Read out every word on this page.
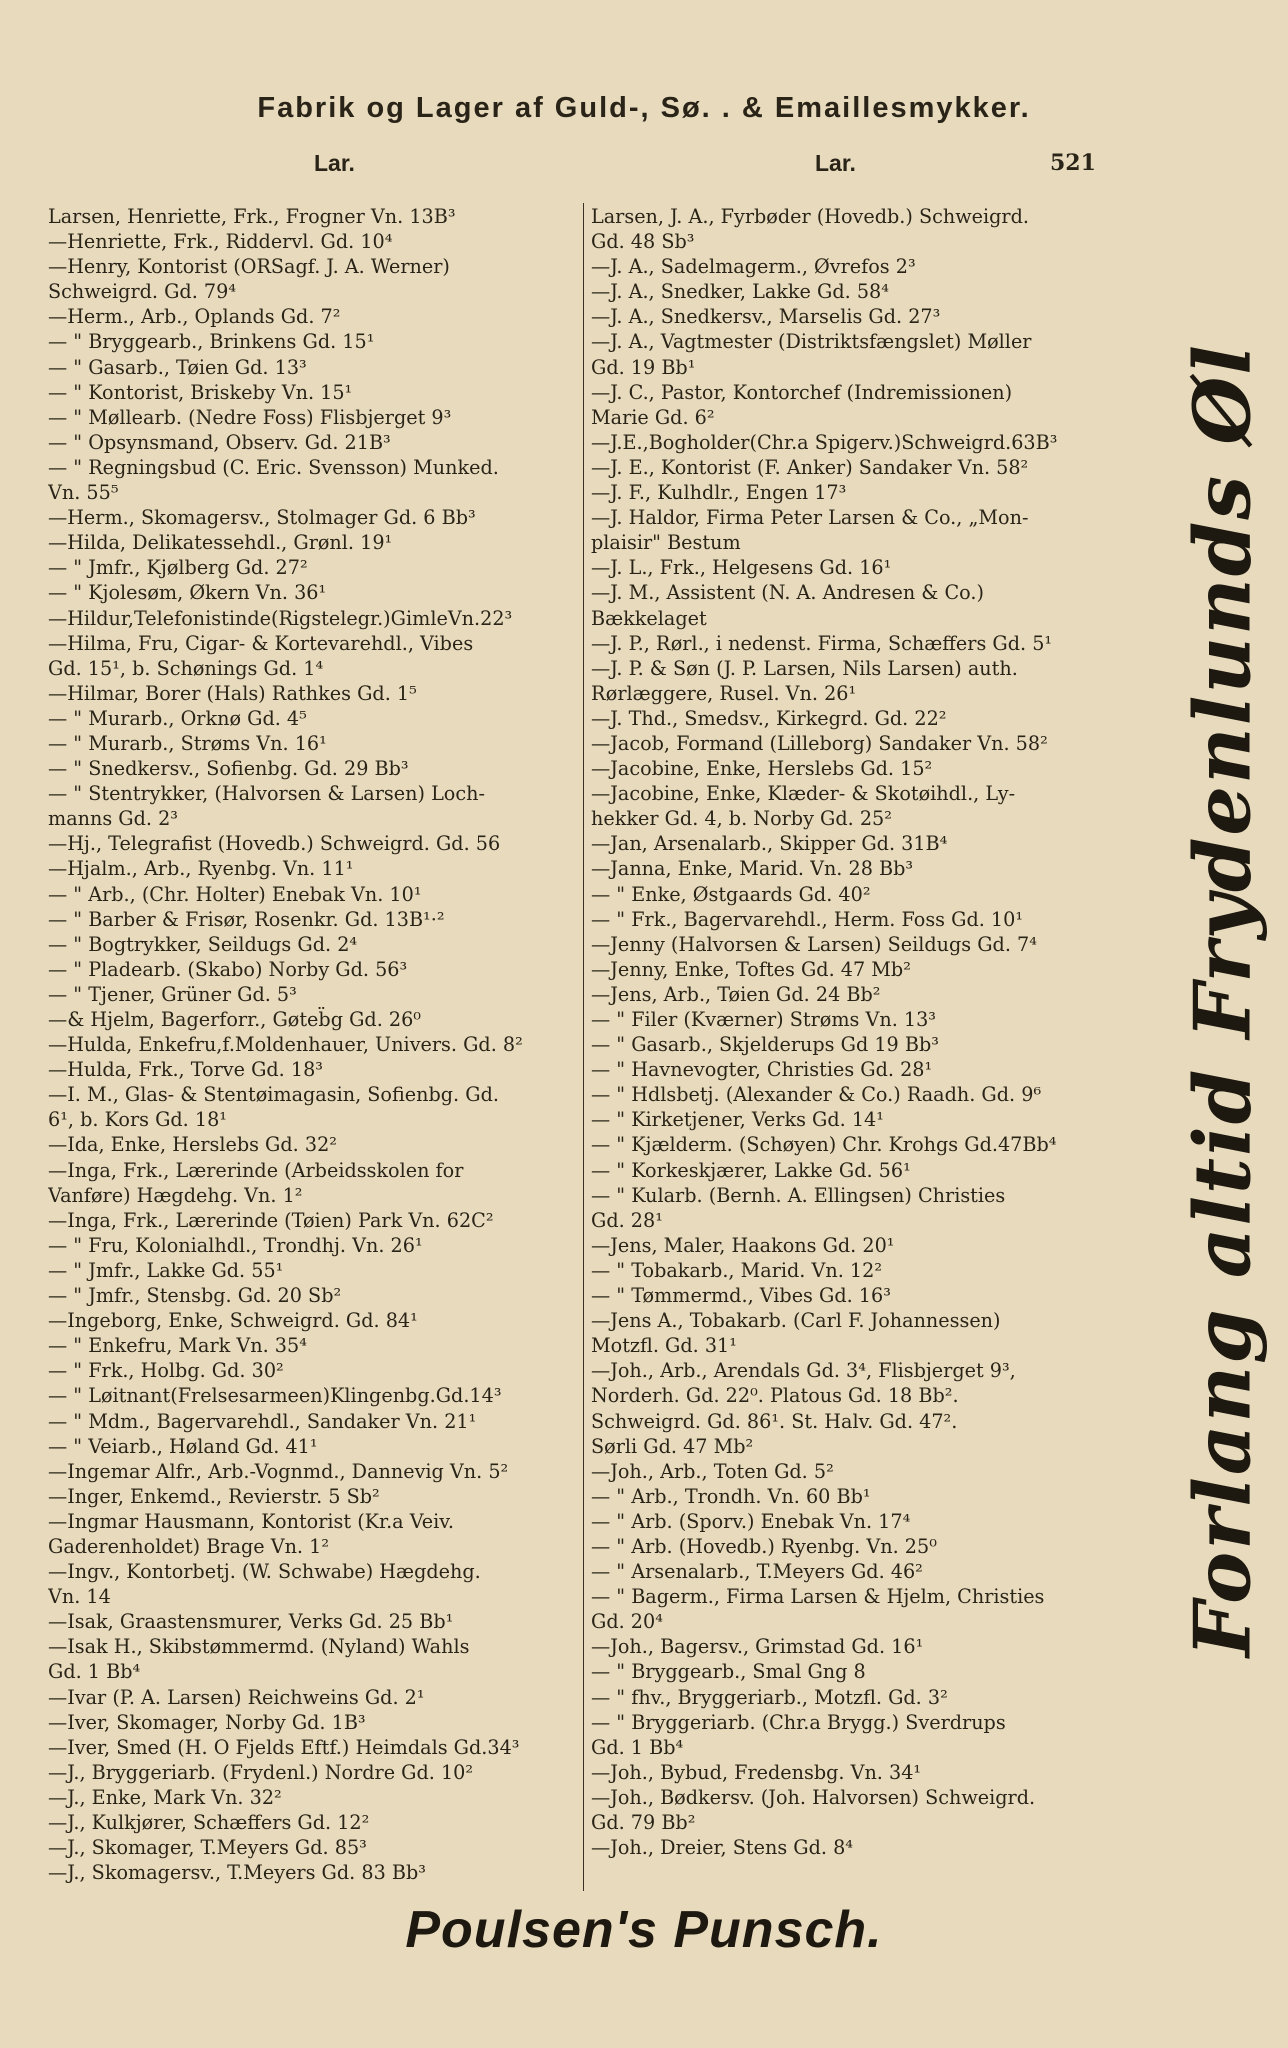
Fabrik og Lager af Guld-, Sø. . & Emaillesmykker.
Lar.	Lar.	521
Larsen, Henriette, Frk., Frogner Vn. 13B³
—Henriette, Frk., Riddervl. Gd. 10⁴
—Henry, Kontorist (ORSagf. J. A. Werner)
Schweigrd. Gd. 79⁴
—Herm., Arb., Oplands Gd. 7²
— " Bryggearb., Brinkens Gd. 15¹
— " Gasarb., Tøien Gd. 13³
— " Kontorist, Briskeby Vn. 15¹
— " Møllearb. (Nedre Foss) Flisbjerget 9³
— " Opsynsmand, Observ. Gd. 21B³
— " Regningsbud (C. Eric. Svensson) Munked.
Vn. 55⁵
—Herm., Skomagersv., Stolmager Gd. 6 Bb³
—Hilda, Delikatessehdl., Grønl. 19¹
— " Jmfr., Kjølberg Gd. 27²
— " Kjolesøm, Økern Vn. 36¹
—Hildur,Telefonistinde(Rigstelegr.)GimleVn.22³
—Hilma, Fru, Cigar- & Kortevarehdl., Vibes
Gd. 15¹, b. Schønings Gd. 1⁴
—Hilmar, Borer (Hals) Rathkes Gd. 1⁵
— " Murarb., Orknø Gd. 4⁵
— " Murarb., Strøms Vn. 16¹
— " Snedkersv., Sofienbg. Gd. 29 Bb³
— " Stentrykker, (Halvorsen & Larsen) Loch-
manns Gd. 2³
—Hj., Telegrafist (Hovedb.) Schweigrd. Gd. 56
—Hjalm., Arb., Ryenbg. Vn. 11¹
— " Arb., (Chr. Holter) Enebak Vn. 10¹
— " Barber & Frisør, Rosenkr. Gd. 13B¹·²
— " Bogtrykker, Seildugs Gd. 2⁴
— " Pladearb. (Skabo) Norby Gd. 56³
— " Tjener, Grüner Gd. 5³
—& Hjelm, Bagerforr., Gøteb̈g Gd. 26⁰
—Hulda, Enkefru,f.Moldenhauer, Univers. Gd. 8²
—Hulda, Frk., Torve Gd. 18³
—I. M., Glas- & Stentøimagasin, Sofienbg. Gd.
6¹, b. Kors Gd. 18¹
—Ida, Enke, Herslebs Gd. 32²
—Inga, Frk., Lærerinde (Arbeidsskolen for
Vanføre) Hægdehg. Vn. 1²
—Inga, Frk., Lærerinde (Tøien) Park Vn. 62C²
— " Fru, Kolonialhdl., Trondhj. Vn. 26¹
— " Jmfr., Lakke Gd. 55¹
— " Jmfr., Stensbg. Gd. 20 Sb²
—Ingeborg, Enke, Schweigrd. Gd. 84¹
— " Enkefru, Mark Vn. 35⁴
— " Frk., Holbg. Gd. 30²
— " Løitnant(Frelsesarmeen)Klingenbg.Gd.14³
— " Mdm., Bagervarehdl., Sandaker Vn. 21¹
— " Veiarb., Høland Gd. 41¹
—Ingemar Alfr., Arb.-Vognmd., Dannevig Vn. 5²
—Inger, Enkemd., Revierstr. 5 Sb²
—Ingmar Hausmann, Kontorist (Kr.a Veiv.
Gaderenholdet) Brage Vn. 1²
—Ingv., Kontorbetj. (W. Schwabe) Hægdehg.
Vn. 14
—Isak, Graastensmurer, Verks Gd. 25 Bb¹
—Isak H., Skibstømmermd. (Nyland) Wahls
Gd. 1 Bb⁴
—Ivar (P. A. Larsen) Reichweins Gd. 2¹
—Iver, Skomager, Norby Gd. 1B³
—Iver, Smed (H. O Fjelds Eftf.) Heimdals Gd.34³
—J., Bryggeriarb. (Frydenl.) Nordre Gd. 10²
—J., Enke, Mark Vn. 32²
—J., Kulkjører, Schæffers Gd. 12²
—J., Skomager, T.Meyers Gd. 85³
—J., Skomagersv., T.Meyers Gd. 83 Bb³
Larsen, J. A., Fyrbøder (Hovedb.) Schweigrd.
Gd. 48 Sb³
—J. A., Sadelmagerm., Øvrefos 2³
—J. A., Snedker, Lakke Gd. 58⁴
—J. A., Snedkersv., Marselis Gd. 27³
—J. A., Vagtmester (Distriktsfængslet) Møller
Gd. 19 Bb¹
—J. C., Pastor, Kontorchef (Indremissionen)
Marie Gd. 6²
—J.E.,Bogholder(Chr.a Spigerv.)Schweigrd.63B³
—J. E., Kontorist (F. Anker) Sandaker Vn. 58²
—J. F., Kulhdlr., Engen 17³
—J. Haldor, Firma Peter Larsen & Co., „Mon-
plaisir" Bestum
—J. L., Frk., Helgesens Gd. 16¹
—J. M., Assistent (N. A. Andresen & Co.)
Bækkelaget
—J. P., Rørl., i nedenst. Firma, Schæffers Gd. 5¹
—J. P. & Søn (J. P. Larsen, Nils Larsen) auth.
Rørlæggere, Rusel. Vn. 26¹
—J. Thd., Smedsv., Kirkegrd. Gd. 22²
—Jacob, Formand (Lilleborg) Sandaker Vn. 58²
—Jacobine, Enke, Herslebs Gd. 15²
—Jacobine, Enke, Klæder- & Skotøihdl., Ly-
hekker Gd. 4, b. Norby Gd. 25²
—Jan, Arsenalarb., Skipper Gd. 31B⁴
—Janna, Enke, Marid. Vn. 28 Bb³
— " Enke, Østgaards Gd. 40²
— " Frk., Bagervarehdl., Herm. Foss Gd. 10¹
—Jenny (Halvorsen & Larsen) Seildugs Gd. 7⁴
—Jenny, Enke, Toftes Gd. 47 Mb²
—Jens, Arb., Tøien Gd. 24 Bb²
— " Filer (Kværner) Strøms Vn. 13³
— " Gasarb., Skjelderups Gd 19 Bb³
— " Havnevogter, Christies Gd. 28¹
— " Hdlsbetj. (Alexander & Co.) Raadh. Gd. 9⁶
— " Kirketjener, Verks Gd. 14¹
— " Kjælderm. (Schøyen) Chr. Krohgs Gd.47Bb⁴
— " Korkeskjærer, Lakke Gd. 56¹
— " Kularb. (Bernh. A. Ellingsen) Christies
Gd. 28¹
—Jens, Maler, Haakons Gd. 20¹
— " Tobakarb., Marid. Vn. 12²
— " Tømmermd., Vibes Gd. 16³
—Jens A., Tobakarb. (Carl F. Johannessen)
Motzfl. Gd. 31¹
—Joh., Arb., Arendals Gd. 3⁴, Flisbjerget 9³,
Norderh. Gd. 22⁰. Platous Gd. 18 Bb².
Schweigrd. Gd. 86¹. St. Halv. Gd. 47².
Sørli Gd. 47 Mb²
—Joh., Arb., Toten Gd. 5²
— " Arb., Trondh. Vn. 60 Bb¹
— " Arb. (Sporv.) Enebak Vn. 17⁴
— " Arb. (Hovedb.) Ryenbg. Vn. 25⁰
— " Arsenalarb., T.Meyers Gd. 46²
— " Bagerm., Firma Larsen & Hjelm, Christies
Gd. 20⁴
—Joh., Bagersv., Grimstad Gd. 16¹
— " Bryggearb., Smal Gng 8
— " fhv., Bryggeriarb., Motzfl. Gd. 3²
— " Bryggeriarb. (Chr.a Brygg.) Sverdrups
Gd. 1 Bb⁴
—Joh., Bybud, Fredensbg. Vn. 34¹
—Joh., Bødkersv. (Joh. Halvorsen) Schweigrd.
Gd. 79 Bb²
—Joh., Dreier, Stens Gd. 8⁴
Forlang altid Frydenlunds Øl
Poulsen's Punsch.
